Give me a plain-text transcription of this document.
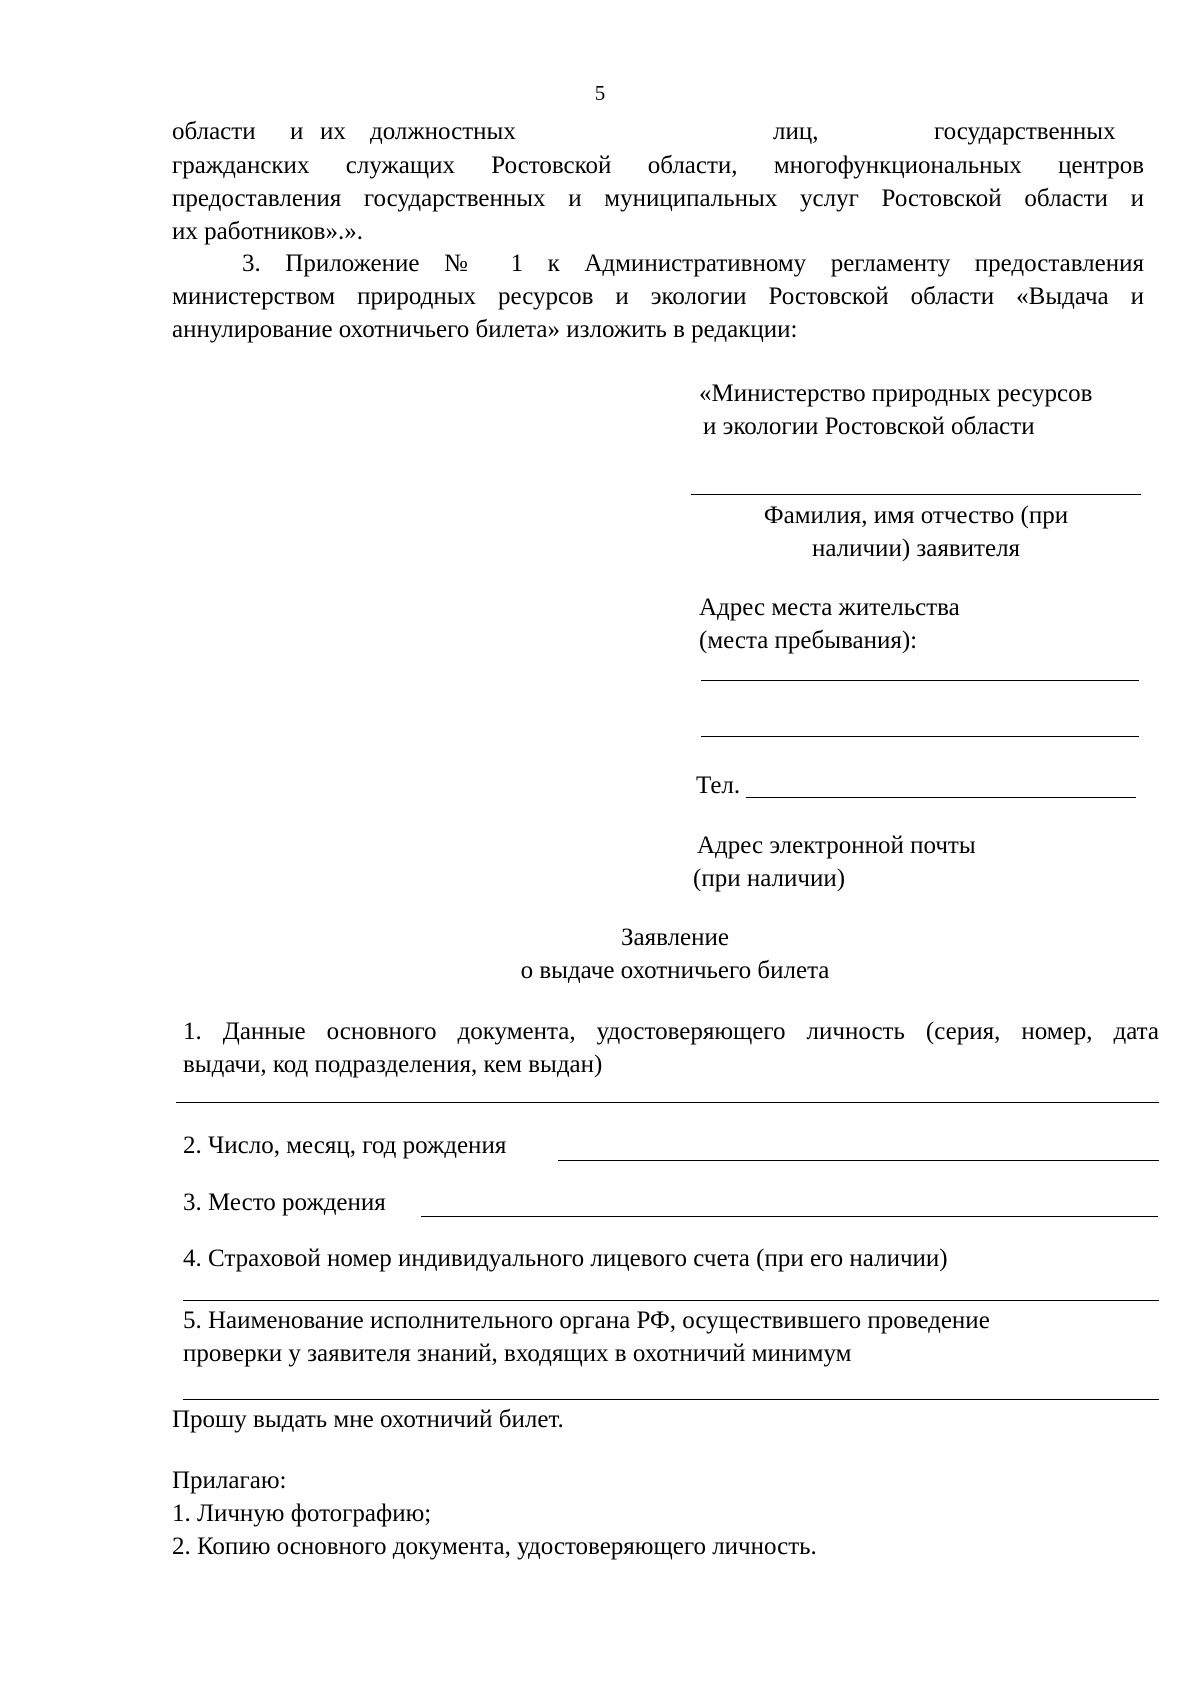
5
области и их должностных	лиц,	государственных
гражданских служащих Ростовской области, многофункциональных центров
предоставления государственных и муниципальных услуг Ростовской области и
их работников».».
3. Приложение № 1 к Административному регламенту предоставления
министерством природных ресурсов и экологии Ростовской области «Выдача и
аннулирование охотничьего билета» изложить в редакции:
«Министерство природных ресурсов
и экологии Ростовской области
Фамилия, имя отчество (при
наличии) заявителя
Адрес места жительства
(места пребывания):
Тел.
Адрес электронной почты
(при наличии)
Заявление
о выдаче охотничьего билета
1. Данные основного документа, удостоверяющего личность (серия, номер, дата
выдачи, код подразделения, кем выдан)
2. Число, месяц, год рождения
3. Место рождения
4. Страховой номер индивидуального лицевого счета (при его наличии)
5. Наименование исполнительного органа РФ, осуществившего проведение
проверки у заявителя знаний, входящих в охотничий минимум
Прошу выдать мне охотничий билет.
Прилагаю:
1. Личную фотографию;
2. Копию основного документа, удостоверяющего личность.
